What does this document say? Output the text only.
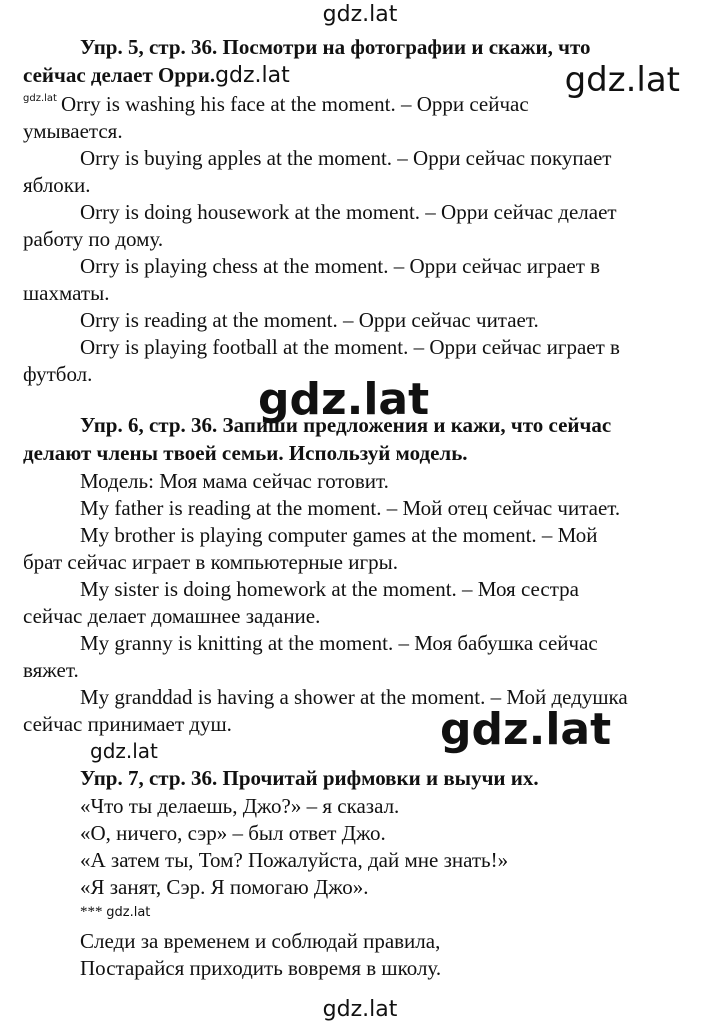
gdz.lat
gdz.lat
gdz.lat
gdz.lat
gdz.lat
Упр. 5, стр. 36. Посмотри на фотографии и скажи, что
сейчас делает Орри.gdz.lat
$^{gdz.lat}$ Orry is washing his face at the moment. – Орри сейчас
умывается.
Orry is buying apples at the moment. – Орри сейчас покупает
яблоки.
Orry is doing housework at the moment. – Орри сейчас делает
работу по дому.
Orry is playing chess at the moment. – Орри сейчас играет в
шахматы.
Orry is reading at the moment. – Орри сейчас читает.
Orry is playing football at the moment. – Орри сейчас играет в
футбол.
Упр. 6, стр. 36. Запиши предложения и кажи, что сейчас
делают члены твоей семьи. Используй модель.
Модель: Моя мама сейчас готовит.
My father is reading at the moment. – Мой отец сейчас читает.
My brother is playing computer games at the moment. – Мой
брат сейчас играет в компьютерные игры.
My sister is doing homework at the moment. – Моя сестра
сейчас делает домашнее задание.
My granny is knitting at the moment. – Моя бабушка сейчас
вяжет.
My granddad is having a shower at the moment. – Мой дедушка
сейчас принимает душ.
gdz.lat
Упр. 7, стр. 36. Прочитай рифмовки и выучи их.
«Что ты делаешь, Джо?» – я сказал.
«О, ничего, сэр» – был ответ Джо.
«А затем ты, Том? Пожалуйста, дай мне знать!»
«Я занят, Сэр. Я помогаю Джо».
*** gdz.lat
Следи за временем и соблюдай правила,
Постарайся приходить вовремя в школу.
